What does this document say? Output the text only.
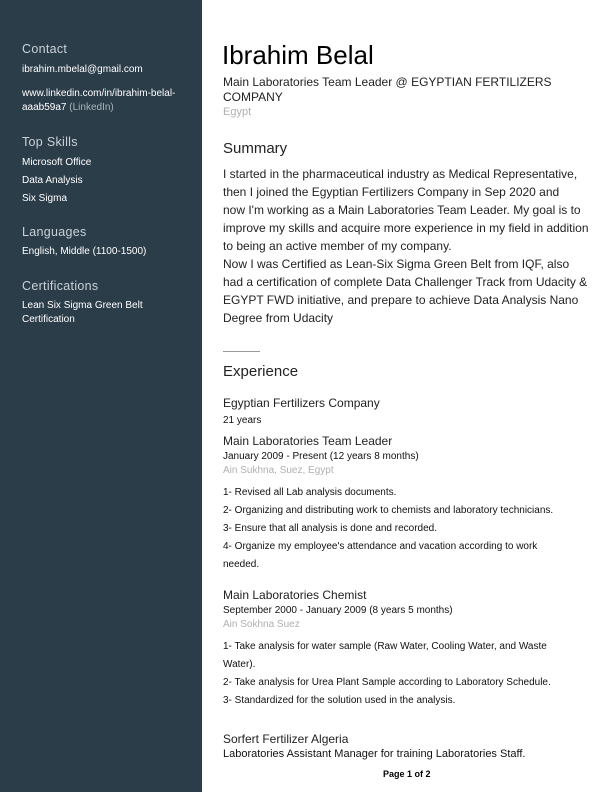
Contact
ibrahim.mbelal@gmail.com
www.linkedin.com/in/ibrahim-belal-
aaab59a7 (LinkedIn)
Top Skills
Microsoft Office
Data Analysis
Six Sigma
Languages
English, Middle (1100-1500)
Certifications
Lean Six Sigma Green Belt
Certification
Ibrahim Belal
Main Laboratories Team Leader @ EGYPTIAN FERTILIZERS
COMPANY
Egypt
Summary
I started in the pharmaceutical industry as Medical Representative,
then I joined the Egyptian Fertilizers Company in Sep 2020 and
now I'm working as a Main Laboratories Team Leader. My goal is to
improve my skills and acquire more experience in my field in addition
to being an active member of my company.
Now I was Certified as Lean-Six Sigma Green Belt from IQF, also
had a certification of complete Data Challenger Track from Udacity &
EGYPT FWD initiative, and prepare to achieve Data Analysis Nano
Degree from Udacity
Experience
Egyptian Fertilizers Company
21 years
Main Laboratories Team Leader
January 2009 - Present (12 years 8 months)
Ain Sukhna, Suez, Egypt
1- Revised all Lab analysis documents.
2- Organizing and distributing work to chemists and laboratory technicians.
3- Ensure that all analysis is done and recorded.
4- Organize my employee's attendance and vacation according to work
needed.
Main Laboratories Chemist
September 2000 - January 2009 (8 years 5 months)
Ain Sokhna Suez
1- Take analysis for water sample (Raw Water, Cooling Water, and Waste
Water).
2- Take analysis for Urea Plant Sample according to Laboratory Schedule.
3- Standardized for the solution used in the analysis.
Sorfert Fertilizer Algeria
Laboratories Assistant Manager for training Laboratories Staff.
Page 1 of 2
